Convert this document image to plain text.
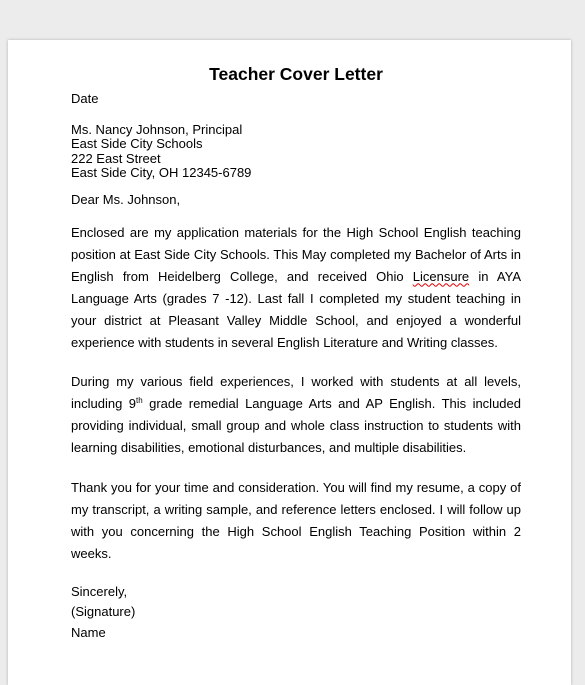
Teacher Cover Letter

Date

Ms. Nancy Johnson, Principal

East Side City Schools

222 East Street

East Side City, OH 12345-6789

Dear Ms. Johnson,

Enclosed are my application materials for the High School English teaching position at East Side City Schools. This May completed my Bachelor of Arts in English from Heidelberg College, and received Ohio Licensure in AYA Language Arts (grades 7 -12). Last fall I completed my student teaching in your district at Pleasant Valley Middle School, and enjoyed a wonderful experience with students in several English Literature and Writing classes.

During my various field experiences, I worked with students at all levels, including 9th grade remedial Language Arts and AP English. This included providing individual, small group and whole class instruction to students with learning disabilities, emotional disturbances, and multiple disabilities.

Thank you for your time and consideration. You will find my resume, a copy of my transcript, a writing sample, and reference letters enclosed. I will follow up with you concerning the High School English Teaching Position within 2 weeks.

Sincerely,

(Signature)

Name
